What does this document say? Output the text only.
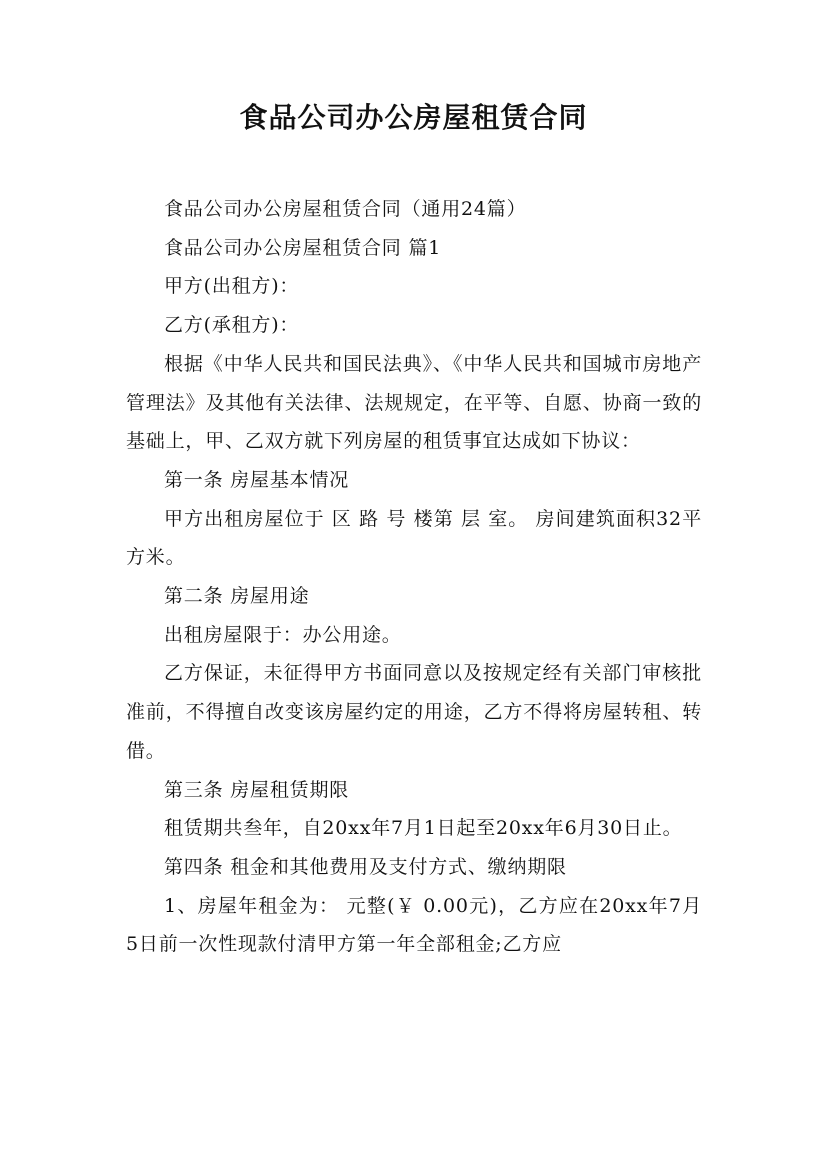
食品公司办公房屋租赁合同

食品公司办公房屋租赁合同（通用24篇）

食品公司办公房屋租赁合同 篇1

甲方(出租方)：

乙方(承租方)：

根据《中华人民共和国民法典》、《中华人民共和国城市房地产管理法》及其他有关法律、法规规定，在平等、自愿、协商一致的基础上，甲、乙双方就下列房屋的租赁事宜达成如下协议：

第一条 房屋基本情况

甲方出租房屋位于 区 路 号 楼第 层 室。 房间建筑面积32平方米。

第二条 房屋用途

出租房屋限于：办公用途。

乙方保证，未征得甲方书面同意以及按规定经有关部门审核批准前，不得擅自改变该房屋约定的用途，乙方不得将房屋转租、转借。

第三条 房屋租赁期限

租赁期共叁年，自20xx年7月1日起至20xx年6月30日止。

第四条 租金和其他费用及支付方式、缴纳期限

1、房屋年租金为： 元整(￥ 0.00元)，乙方应在20xx年7月5日前一次性现款付清甲方第一年全部租金;乙方应
